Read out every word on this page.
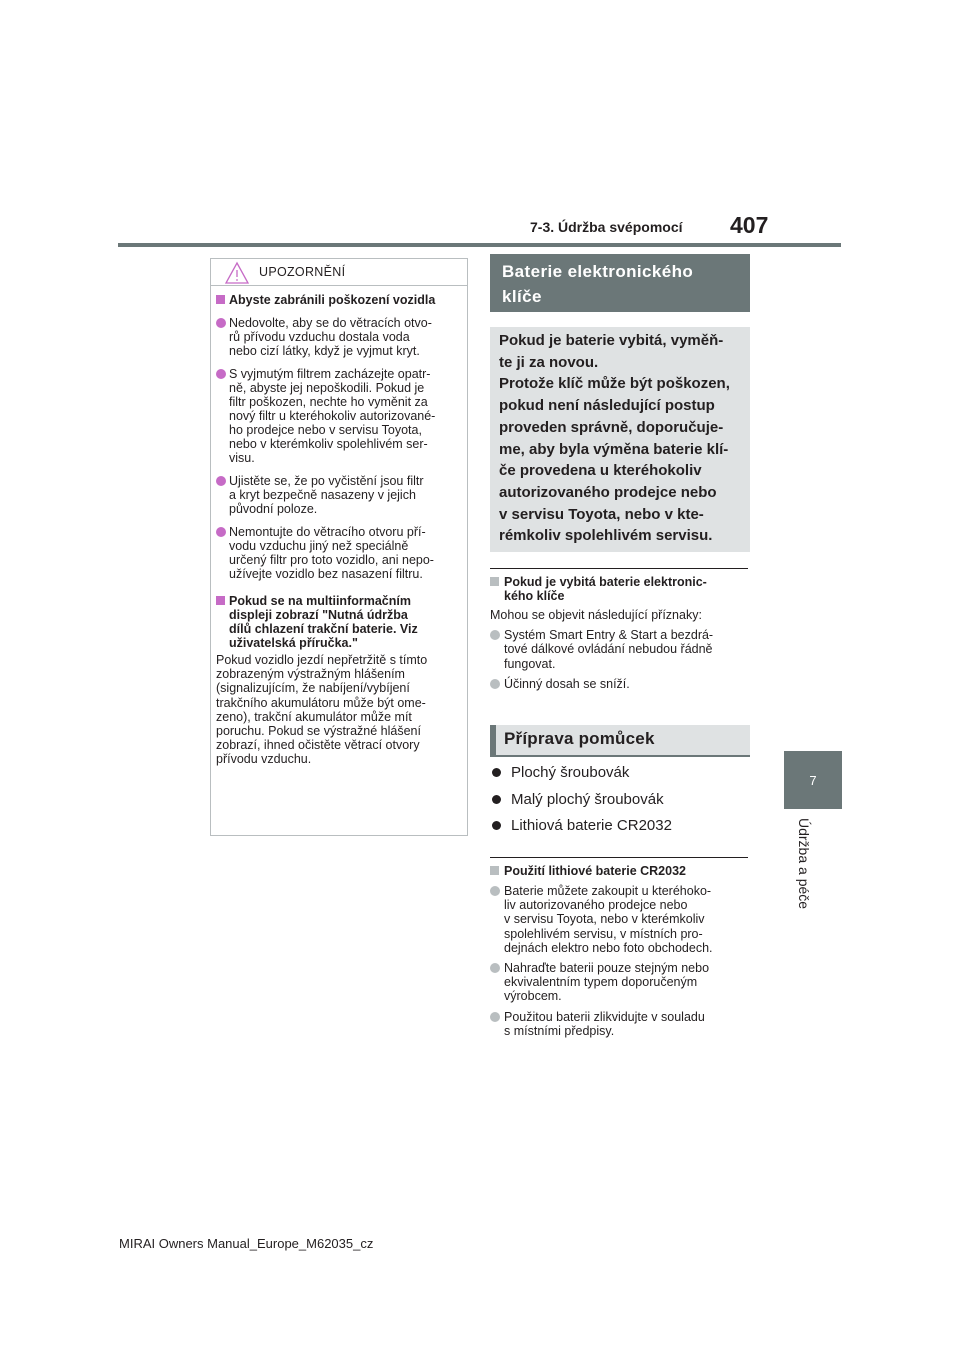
7-3. Údržba svépomocí	407
7
Údržba a péče
UPOZORNĚNÍ
Abyste zabránili poškození vozidla
Nedovolte, aby se do větracích otvo-
rů přívodu vzduchu dostala voda
nebo cizí látky, když je vyjmut kryt.
S vyjmutým filtrem zacházejte opatr-
ně, abyste jej nepoškodili. Pokud je
filtr poškozen, nechte ho vyměnit za
nový filtr u kteréhokoliv autorizované-
ho prodejce nebo v servisu Toyota,
nebo v kterémkoliv spolehlivém ser-
visu.
Ujistěte se, že po vyčistění jsou filtr
a kryt bezpečně nasazeny v jejich
původní poloze.
Nemontujte do větracího otvoru pří-
vodu vzduchu jiný než speciálně
určený filtr pro toto vozidlo, ani nepo-
užívejte vozidlo bez nasazení filtru.
Pokud se na multiinformačním
displeji zobrazí "Nutná údržba
dílů chlazení trakční baterie. Viz
uživatelská příručka."
Pokud vozidlo jezdí nepřetržitě s tímto
zobrazeným výstražným hlášením
(signalizujícím, že nabíjení/vybíjení
trakčního akumulátoru může být ome-
zeno), trakční akumulátor může mít
poruchu. Pokud se výstražné hlášení
zobrazí, ihned očistěte větrací otvory
přívodu vzduchu.
Baterie elektronického
klíče
Pokud je baterie vybitá, vyměň-
te ji za novou.
Protože klíč může být poškozen,
pokud není následující postup
proveden správně, doporučuje-
me, aby byla výměna baterie klí-
če provedena u kteréhokoliv
autorizovaného prodejce nebo
v servisu Toyota, nebo v kte-
rémkoliv spolehlivém servisu.
Pokud je vybitá baterie elektronic-
kého klíče
Mohou se objevit následující příznaky:
Systém Smart Entry & Start a bezdrá-
tové dálkové ovládání nebudou řádně
fungovat.
Účinný dosah se sníží.
Příprava pomůcek
Plochý šroubovák
Malý plochý šroubovák
Lithiová baterie CR2032
Použití lithiové baterie CR2032
Baterie můžete zakoupit u kteréhoko-
liv autorizovaného prodejce nebo
v servisu Toyota, nebo v kterémkoliv
spolehlivém servisu, v místních pro-
dejnách elektro nebo foto obchodech.
Nahraďte baterii pouze stejným nebo
ekvivalentním typem doporučeným
výrobcem.
Použitou baterii zlikvidujte v souladu
s místními předpisy.
MIRAI Owners Manual_Europe_M62035_cz
